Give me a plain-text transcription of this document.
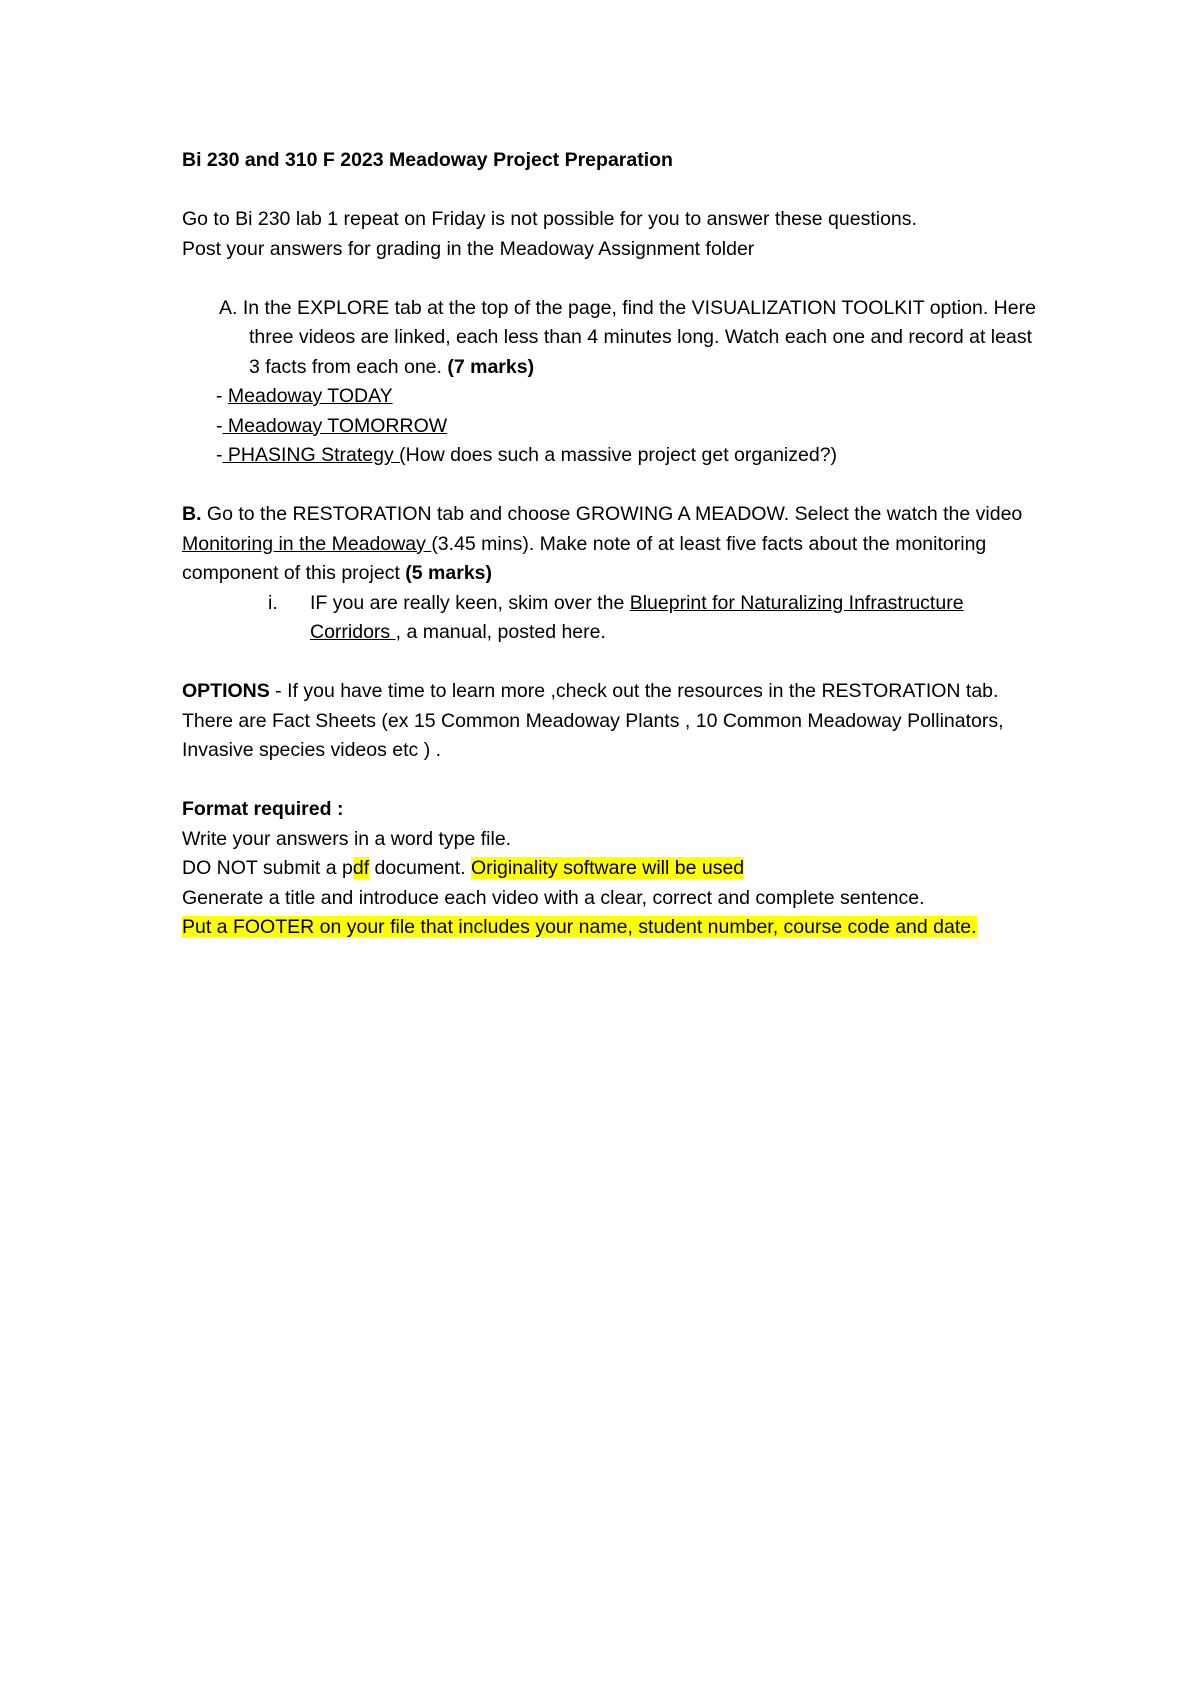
Bi 230 and 310 F 2023 Meadoway Project Preparation

Go to Bi 230 lab 1 repeat on Friday is not possible for you to answer these questions.

Post your answers for grading in the Meadoway Assignment folder

A. In the EXPLORE tab at the top of the page, find the VISUALIZATION TOOLKIT option. Here three videos are linked, each less than 4 minutes long. Watch each one and record at least 3 facts from each one. (7 marks)

- Meadoway TODAY

- Meadoway TOMORROW

- PHASING Strategy (How does such a massive project get organized?)

B. Go to the RESTORATION tab and choose GROWING A MEADOW. Select the watch the video Monitoring in the Meadoway (3.45 mins). Make note of at least five facts about the monitoring component of this project (5 marks)

i. IF you are really keen, skim over the Blueprint for Naturalizing Infrastructure Corridors , a manual, posted here.

OPTIONS - If you have time to learn more ,check out the resources in the RESTORATION tab. There are Fact Sheets (ex 15 Common Meadoway Plants , 10 Common Meadoway Pollinators, Invasive species videos etc ) .

Format required :

Write your answers in a word type file.

DO NOT submit a pdf document. Originality software will be used

Generate a title and introduce each video with a clear, correct and complete sentence.

Put a FOOTER on your file that includes your name, student number, course code and date.
